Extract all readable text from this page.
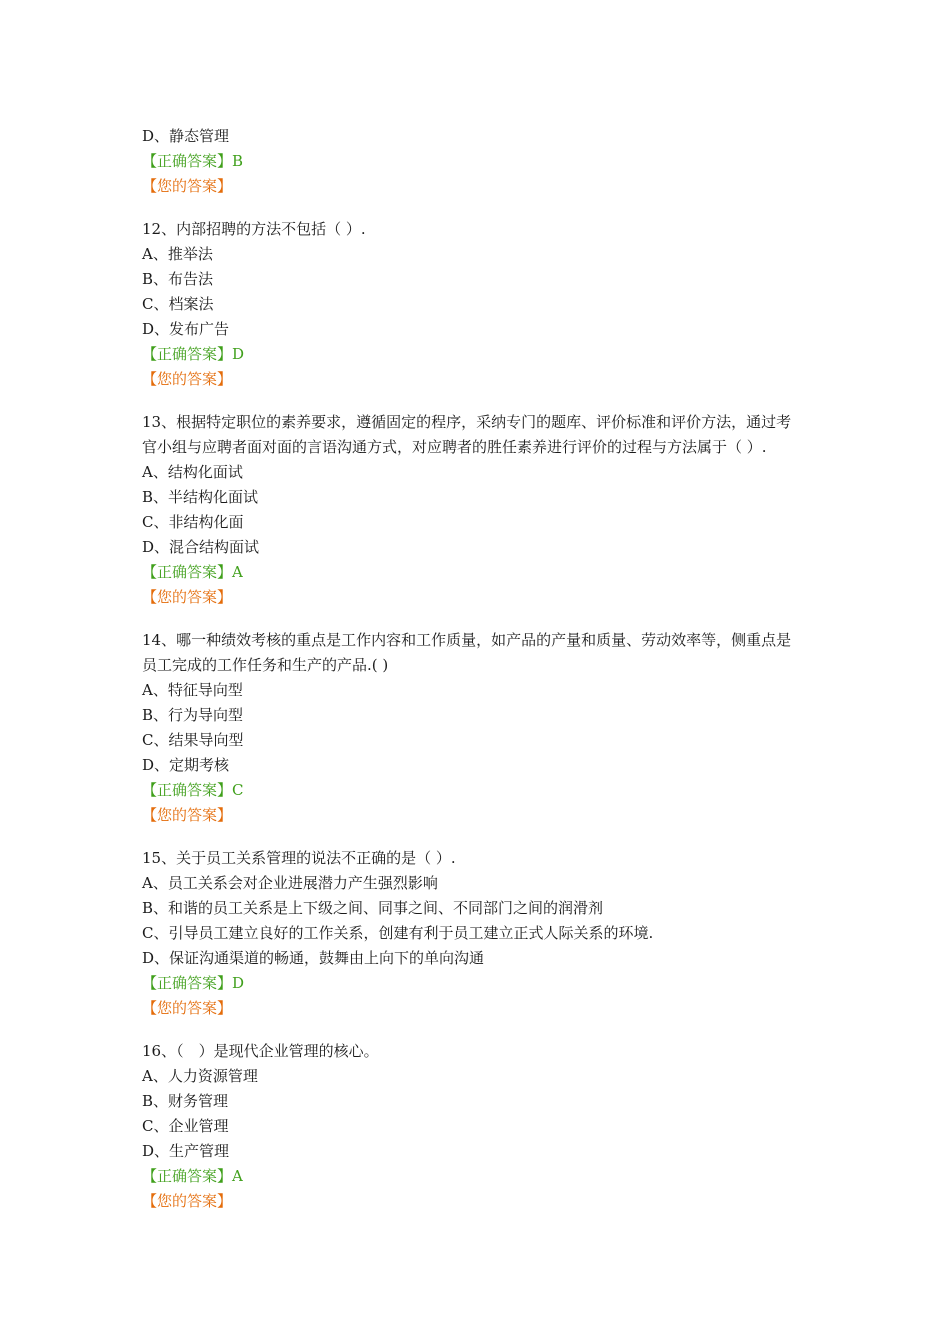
D、静态管理
【正确答案】B
【您的答案】
12、内部招聘的方法不包括（ ）.
A、推举法
B、布告法
C、档案法
D、发布广告
【正确答案】D
【您的答案】
13、根据特定职位的素养要求，遵循固定的程序，采纳专门的题库、评价标准和评价方法，通过考
官小组与应聘者面对面的言语沟通方式，对应聘者的胜任素养进行评价的过程与方法属于（ ）.
A、结构化面试
B、半结构化面试
C、非结构化面
D、混合结构面试
【正确答案】A
【您的答案】
14、哪一种绩效考核的重点是工作内容和工作质量，如产品的产量和质量、劳动效率等，侧重点是
员工完成的工作任务和生产的产品.( )
A、特征导向型
B、行为导向型
C、结果导向型
D、定期考核
【正确答案】C
【您的答案】
15、关于员工关系管理的说法不正确的是（ ）.
A、员工关系会对企业进展潜力产生强烈影响
B、和谐的员工关系是上下级之间、同事之间、不同部门之间的润滑剂
C、引导员工建立良好的工作关系，创建有利于员工建立正式人际关系的环境.
D、保证沟通渠道的畅通，鼓舞由上向下的单向沟通
【正确答案】D
【您的答案】
16、（　）是现代企业管理的核心。
A、人力资源管理
B、财务管理
C、企业管理
D、生产管理
【正确答案】A
【您的答案】
